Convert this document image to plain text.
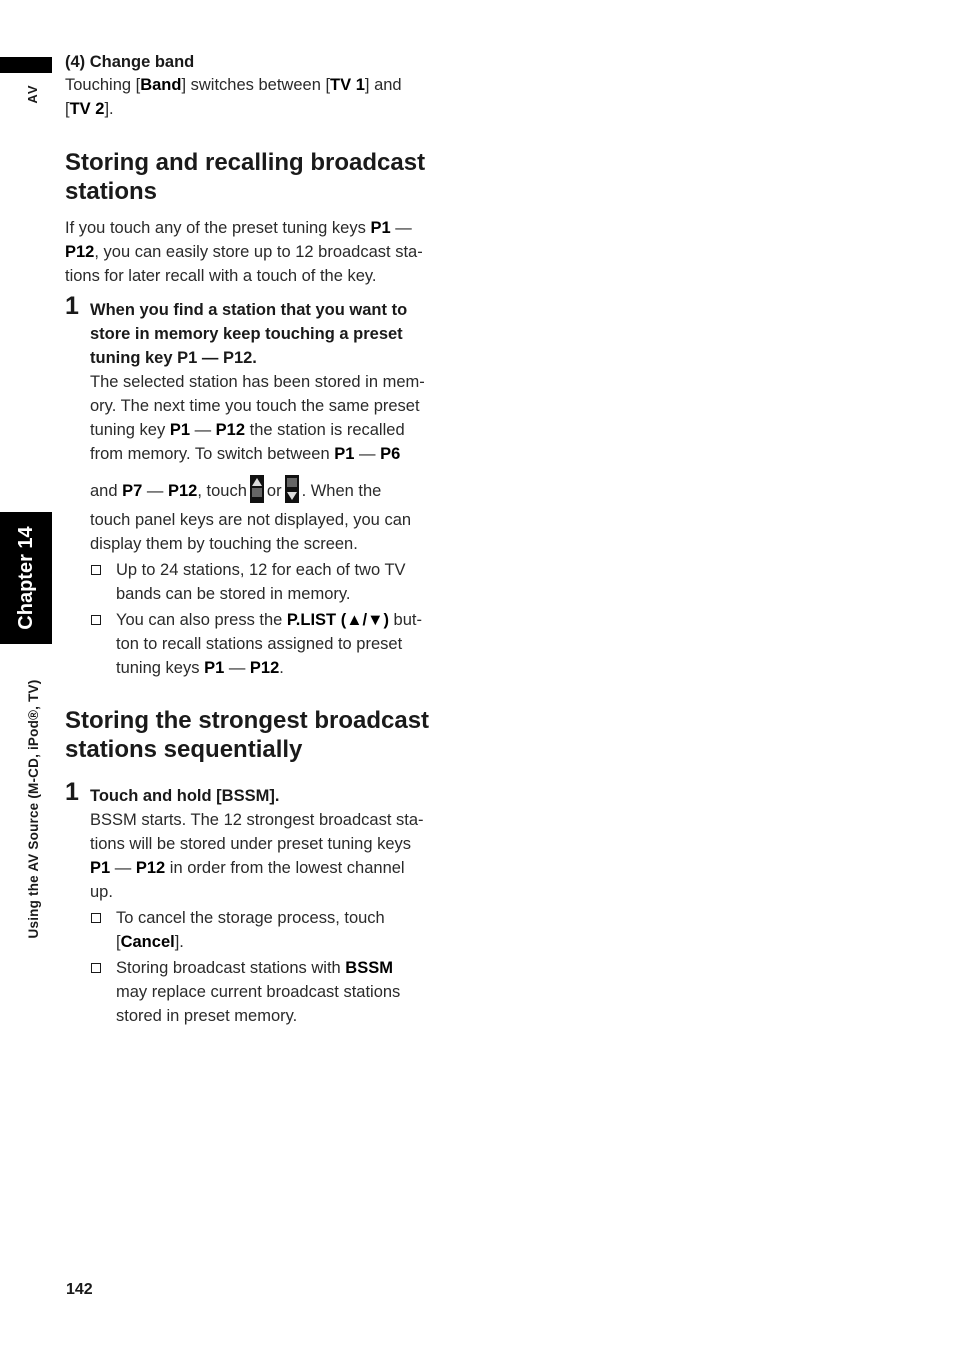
AV
Chapter 14
Using the AV Source (M-CD, iPod®, TV)
(4) Change band

Touching [Band] switches between [TV 1] and

[TV 2].

Storing and recalling broadcast
stations

If you touch any of the preset tuning keys P1 —

P12, you can easily store up to 12 broadcast sta-

tions for later recall with a touch of the key.

1 When you find a station that you want to

store in memory keep touching a preset

tuning key P1 — P12.

The selected station has been stored in mem-

ory. The next time you touch the same preset

tuning key P1 — P12 the station is recalled

from memory. To switch between P1 — P6

and P7 — P12, touch or . When the

touch panel keys are not displayed, you can

display them by touching the screen.

Up to 24 stations, 12 for each of two TV

bands can be stored in memory.

You can also press the P.LIST (▲/▼) but-

ton to recall stations assigned to preset

tuning keys P1 — P12.

Storing the strongest broadcast
stations sequentially
1 Touch and hold [BSSM].

BSSM starts. The 12 strongest broadcast sta-

tions will be stored under preset tuning keys

P1 — P12 in order from the lowest channel

up.

To cancel the storage process, touch

[Cancel].

Storing broadcast stations with BSSM

may replace current broadcast stations

stored in preset memory.

142
